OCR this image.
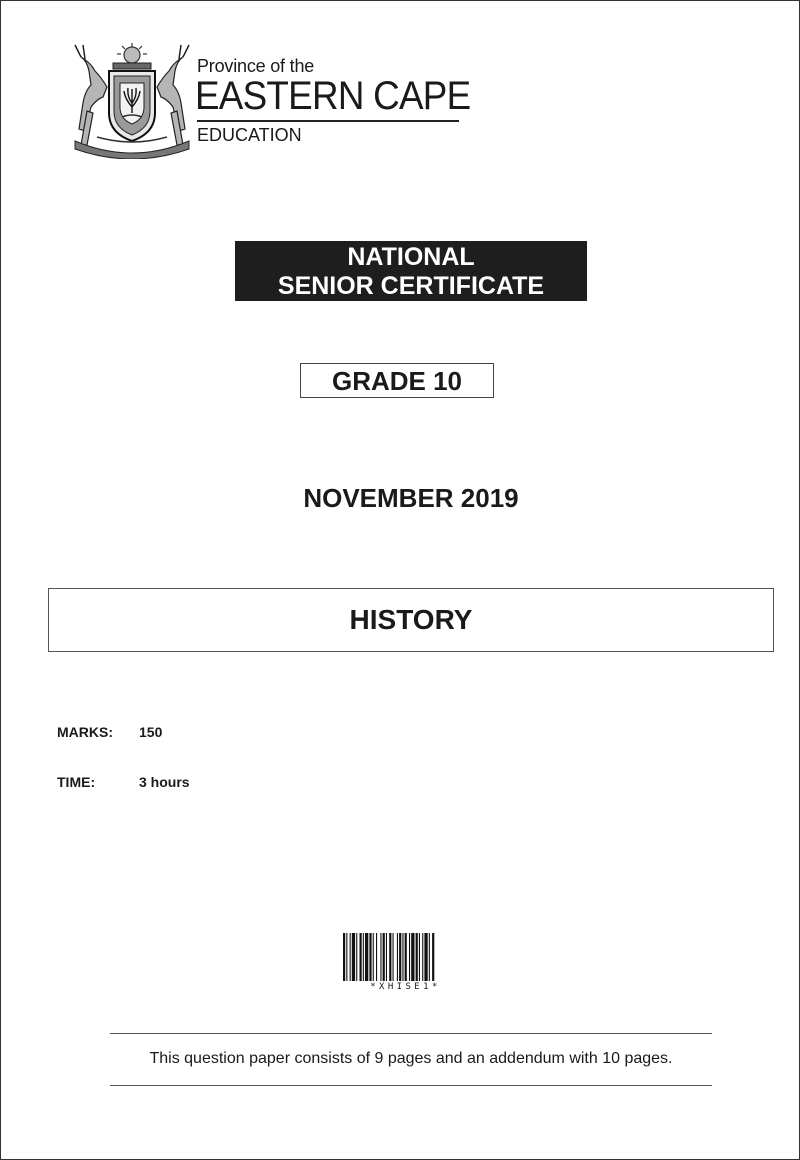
Province of the
EASTERN CAPE
EDUCATION
NATIONAL
SENIOR CERTIFICATE
GRADE 10
NOVEMBER 2019
HISTORY
MARKS: 150
TIME:	3 hours
*XHISE1*
This question paper consists of 9 pages and an addendum with 10 pages.
